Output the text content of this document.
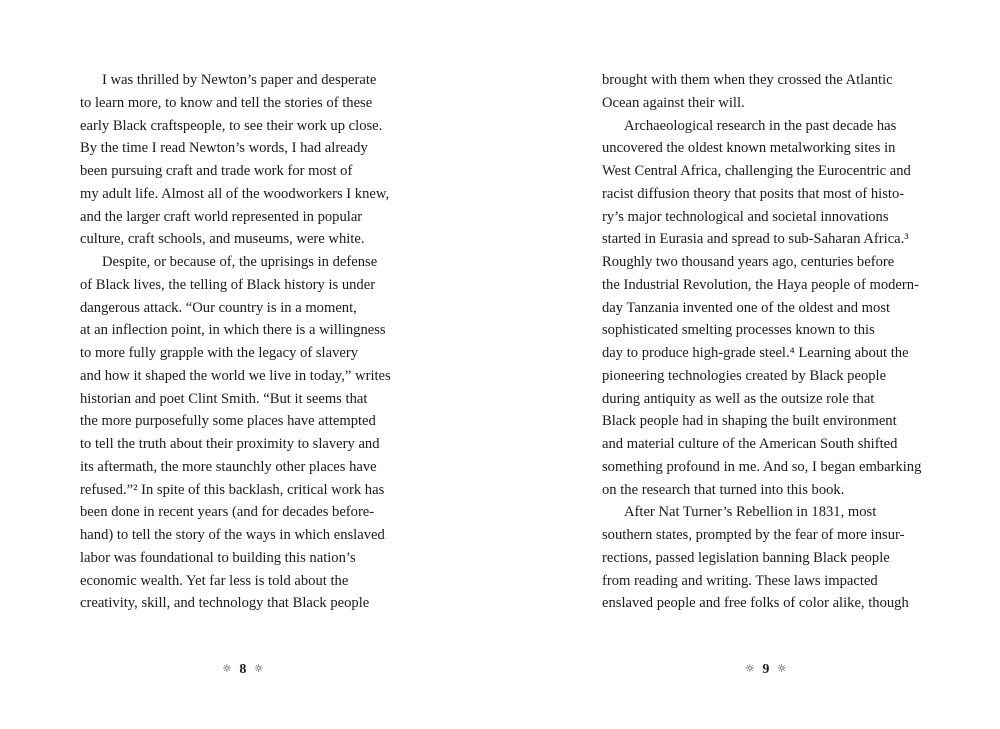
I was thrilled by Newton’s paper and desperate
to learn more, to know and tell the stories of these
early Black craftspeople, to see their work up close.
By the time I read Newton’s words, I had already
been pursuing craft and trade work for most of
my adult life. Almost all of the woodworkers I knew,
and the larger craft world represented in popular
culture, craft schools, and museums, were white.
Despite, or because of, the uprisings in defense
of Black lives, the telling of Black history is under
dangerous attack. “Our country is in a moment,
at an inflection point, in which there is a willingness
to more fully grapple with the legacy of slavery
and how it shaped the world we live in today,” writes
historian and poet Clint Smith. “But it seems that
the more purposefully some places have attempted
to tell the truth about their proximity to slavery and
its aftermath, the more staunchly other places have
refused.”² In spite of this backlash, critical work has
been done in recent years (and for decades before-
hand) to tell the story of the ways in which enslaved
labor was foundational to building this nation’s
economic wealth. Yet far less is told about the
creativity, skill, and technology that Black people
☼ 8 ☼
brought with them when they crossed the Atlantic
Ocean against their will.
Archaeological research in the past decade has
uncovered the oldest known metalworking sites in
West Central Africa, challenging the Eurocentric and
racist diffusion theory that posits that most of histo-
ry’s major technological and societal innovations
started in Eurasia and spread to sub-Saharan Africa.³
Roughly two thousand years ago, centuries before
the Industrial Revolution, the Haya people of modern-
day Tanzania invented one of the oldest and most
sophisticated smelting processes known to this
day to produce high-grade steel.⁴ Learning about the
pioneering technologies created by Black people
during antiquity as well as the outsize role that
Black people had in shaping the built environment
and material culture of the American South shifted
something profound in me. And so, I began embarking
on the research that turned into this book.
After Nat Turner’s Rebellion in 1831, most
southern states, prompted by the fear of more insur-
rections, passed legislation banning Black people
from reading and writing. These laws impacted
enslaved people and free folks of color alike, though
☼ 9 ☼
